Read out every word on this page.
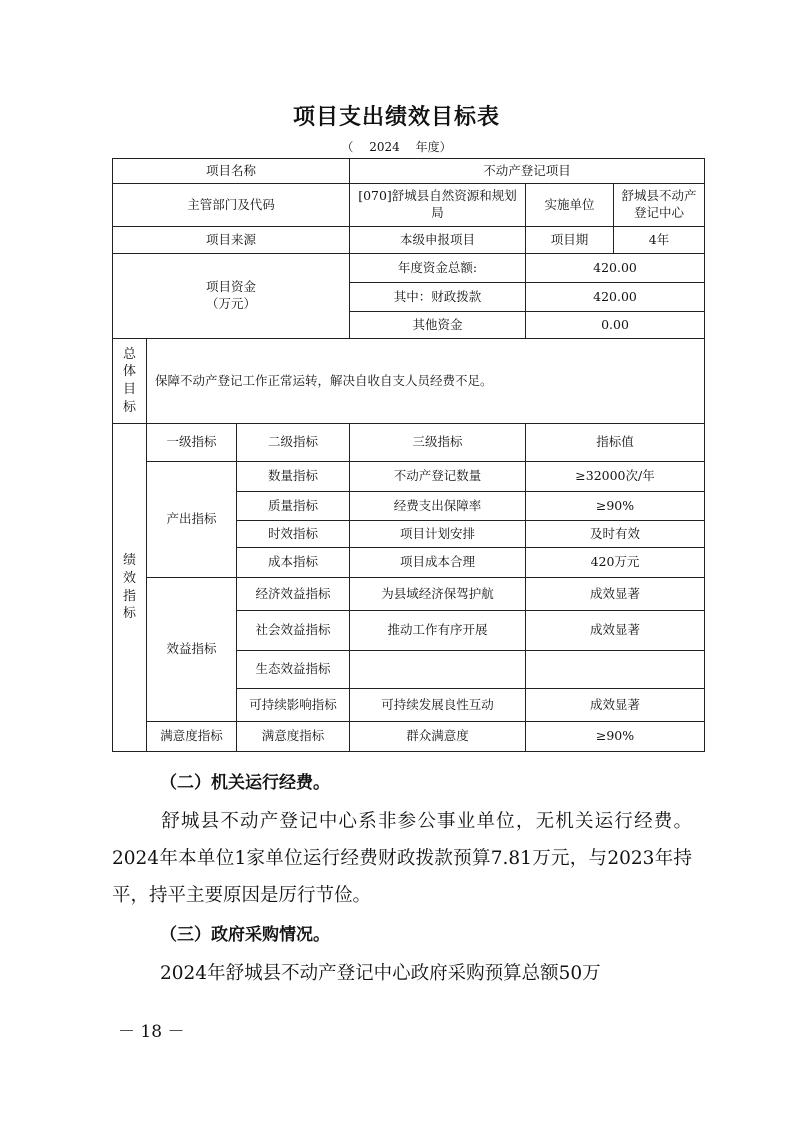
项目支出绩效目标表
（ 2024 年度）
项目名称			不动产登记项目		
主管部门及代码			[070]舒城县自然资源和规划局	实施单位	舒城县不动产登记中心
项目来源			本级申报项目	项目期	4年

项目资金
（万元）			年度资金总额:	420.00	
			其中：财政拨款	420.00	
			其他资金	0.00	

总
体
目
标	保障不动产登记工作正常运转，解决自收自支人员经费不足。				

绩
效
指
标	一级指标	二级指标	三级指标	指标值	
	产出指标	数量指标	不动产登记数量	≥32000次/年	
		质量指标	经费支出保障率	≥90%	
		时效指标	项目计划安排	及时有效	
		成本指标	项目成本合理	420万元	
	效益指标	经济效益指标	为县域经济保驾护航	成效显著	
		社会效益指标	推动工作有序开展	成效显著	
		生态效益指标			
		可持续影响指标	可持续发展良性互动	成效显著	
	满意度指标	满意度指标	群众满意度	≥90%	
（二）机关运行经费。
舒城县不动产登记中心系非参公事业单位，无机关运行经费。2024年本单位1家单位运行经费财政拨款预算7.81万元，与2023年持平，持平主要原因是厉行节俭。
（三）政府采购情况。
2024年舒城县不动产登记中心政府采购预算总额50万
－ 18 －
